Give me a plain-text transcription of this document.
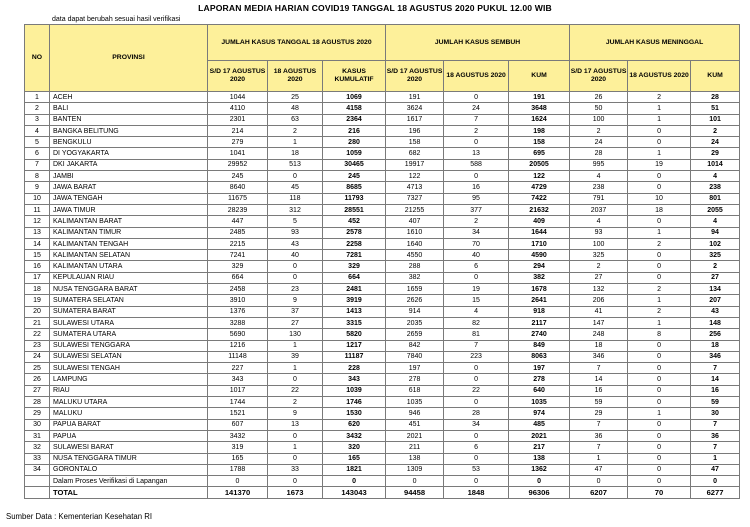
LAPORAN MEDIA HARIAN COVID19 TANGGAL 18 AGUSTUS 2020 PUKUL 12.00 WIB
data dapat berubah sesuai hasil verifikasi
NO	PROVINSI	JUMLAH KASUS TANGGAL 18 AGUSTUS 2020			JUMLAH KASUS SEMBUH			JUMLAH KASUS MENINGGAL		
		S/D 17 AGUSTUS 2020	18 AGUSTUS 2020	KASUS KUMULATIF	S/D 17 AGUSTUS 2020	18 AGUSTUS 2020	KUM	S/D 17 AGUSTUS 2020	18 AGUSTUS 2020	KUM
1	ACEH	1044	25	1069	191	0	191	26	2	28
2	BALI	4110	48	4158	3624	24	3648	50	1	51
3	BANTEN	2301	63	2364	1617	7	1624	100	1	101
4	BANGKA BELITUNG	214	2	216	196	2	198	2	0	2
5	BENGKULU	279	1	280	158	0	158	24	0	24
6	DI YOGYAKARTA	1041	18	1059	682	13	695	28	1	29
7	DKI JAKARTA	29952	513	30465	19917	588	20505	995	19	1014
8	JAMBI	245	0	245	122	0	122	4	0	4
9	JAWA BARAT	8640	45	8685	4713	16	4729	238	0	238
10	JAWA TENGAH	11675	118	11793	7327	95	7422	791	10	801
11	JAWA TIMUR	28239	312	28551	21255	377	21632	2037	18	2055
12	KALIMANTAN BARAT	447	5	452	407	2	409	4	0	4
13	KALIMANTAN TIMUR	2485	93	2578	1610	34	1644	93	1	94
14	KALIMANTAN TENGAH	2215	43	2258	1640	70	1710	100	2	102
15	KALIMANTAN SELATAN	7241	40	7281	4550	40	4590	325	0	325
16	KALIMANTAN UTARA	329	0	329	288	6	294	2	0	2
17	KEPULAUAN RIAU	664	0	664	382	0	382	27	0	27
18	NUSA TENGGARA BARAT	2458	23	2481	1659	19	1678	132	2	134
19	SUMATERA SELATAN	3910	9	3919	2626	15	2641	206	1	207
20	SUMATERA BARAT	1376	37	1413	914	4	918	41	2	43
21	SULAWESI UTARA	3288	27	3315	2035	82	2117	147	1	148
22	SUMATERA UTARA	5690	130	5820	2659	81	2740	248	8	256
23	SULAWESI TENGGARA	1216	1	1217	842	7	849	18	0	18
24	SULAWESI SELATAN	11148	39	11187	7840	223	8063	346	0	346
25	SULAWESI TENGAH	227	1	228	197	0	197	7	0	7
26	LAMPUNG	343	0	343	278	0	278	14	0	14
27	RIAU	1017	22	1039	618	22	640	16	0	16
28	MALUKU UTARA	1744	2	1746	1035	0	1035	59	0	59
29	MALUKU	1521	9	1530	946	28	974	29	1	30
30	PAPUA BARAT	607	13	620	451	34	485	7	0	7
31	PAPUA	3432	0	3432	2021	0	2021	36	0	36
32	SULAWESI BARAT	319	1	320	211	6	217	7	0	7
33	NUSA TENGGARA TIMUR	165	0	165	138	0	138	1	0	1
34	GORONTALO	1788	33	1821	1309	53	1362	47	0	47
	Dalam Proses Verifikasi di Lapangan	0	0	0	0	0	0	0	0	0
	TOTAL	141370	1673	143043	94458	1848	96306	6207	70	6277
Sumber Data : Kementerian Kesehatan RI
